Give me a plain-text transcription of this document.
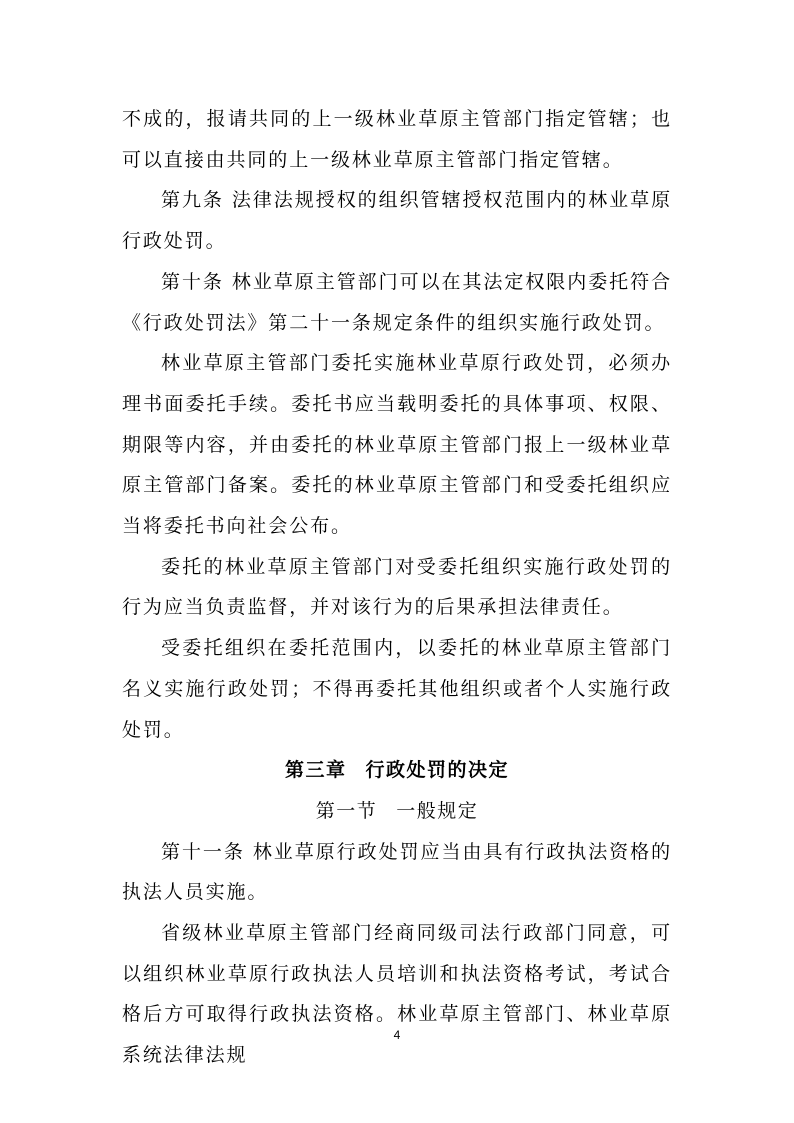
不成的，报请共同的上一级林业草原主管部门指定管辖；也可以直接由共同的上一级林业草原主管部门指定管辖。

第九条 法律法规授权的组织管辖授权范围内的林业草原行政处罚。

第十条 林业草原主管部门可以在其法定权限内委托符合《行政处罚法》第二十一条规定条件的组织实施行政处罚。

林业草原主管部门委托实施林业草原行政处罚，必须办理书面委托手续。委托书应当载明委托的具体事项、权限、期限等内容，并由委托的林业草原主管部门报上一级林业草原主管部门备案。委托的林业草原主管部门和受委托组织应当将委托书向社会公布。

委托的林业草原主管部门对受委托组织实施行政处罚的行为应当负责监督，并对该行为的后果承担法律责任。

受委托组织在委托范围内，以委托的林业草原主管部门名义实施行政处罚；不得再委托其他组织或者个人实施行政处罚。

第三章 行政处罚的决定

第一节 一般规定

第十一条 林业草原行政处罚应当由具有行政执法资格的执法人员实施。

省级林业草原主管部门经商同级司法行政部门同意，可以组织林业草原行政执法人员培训和执法资格考试，考试合格后方可取得行政执法资格。林业草原主管部门、林业草原系统法律法规

4
